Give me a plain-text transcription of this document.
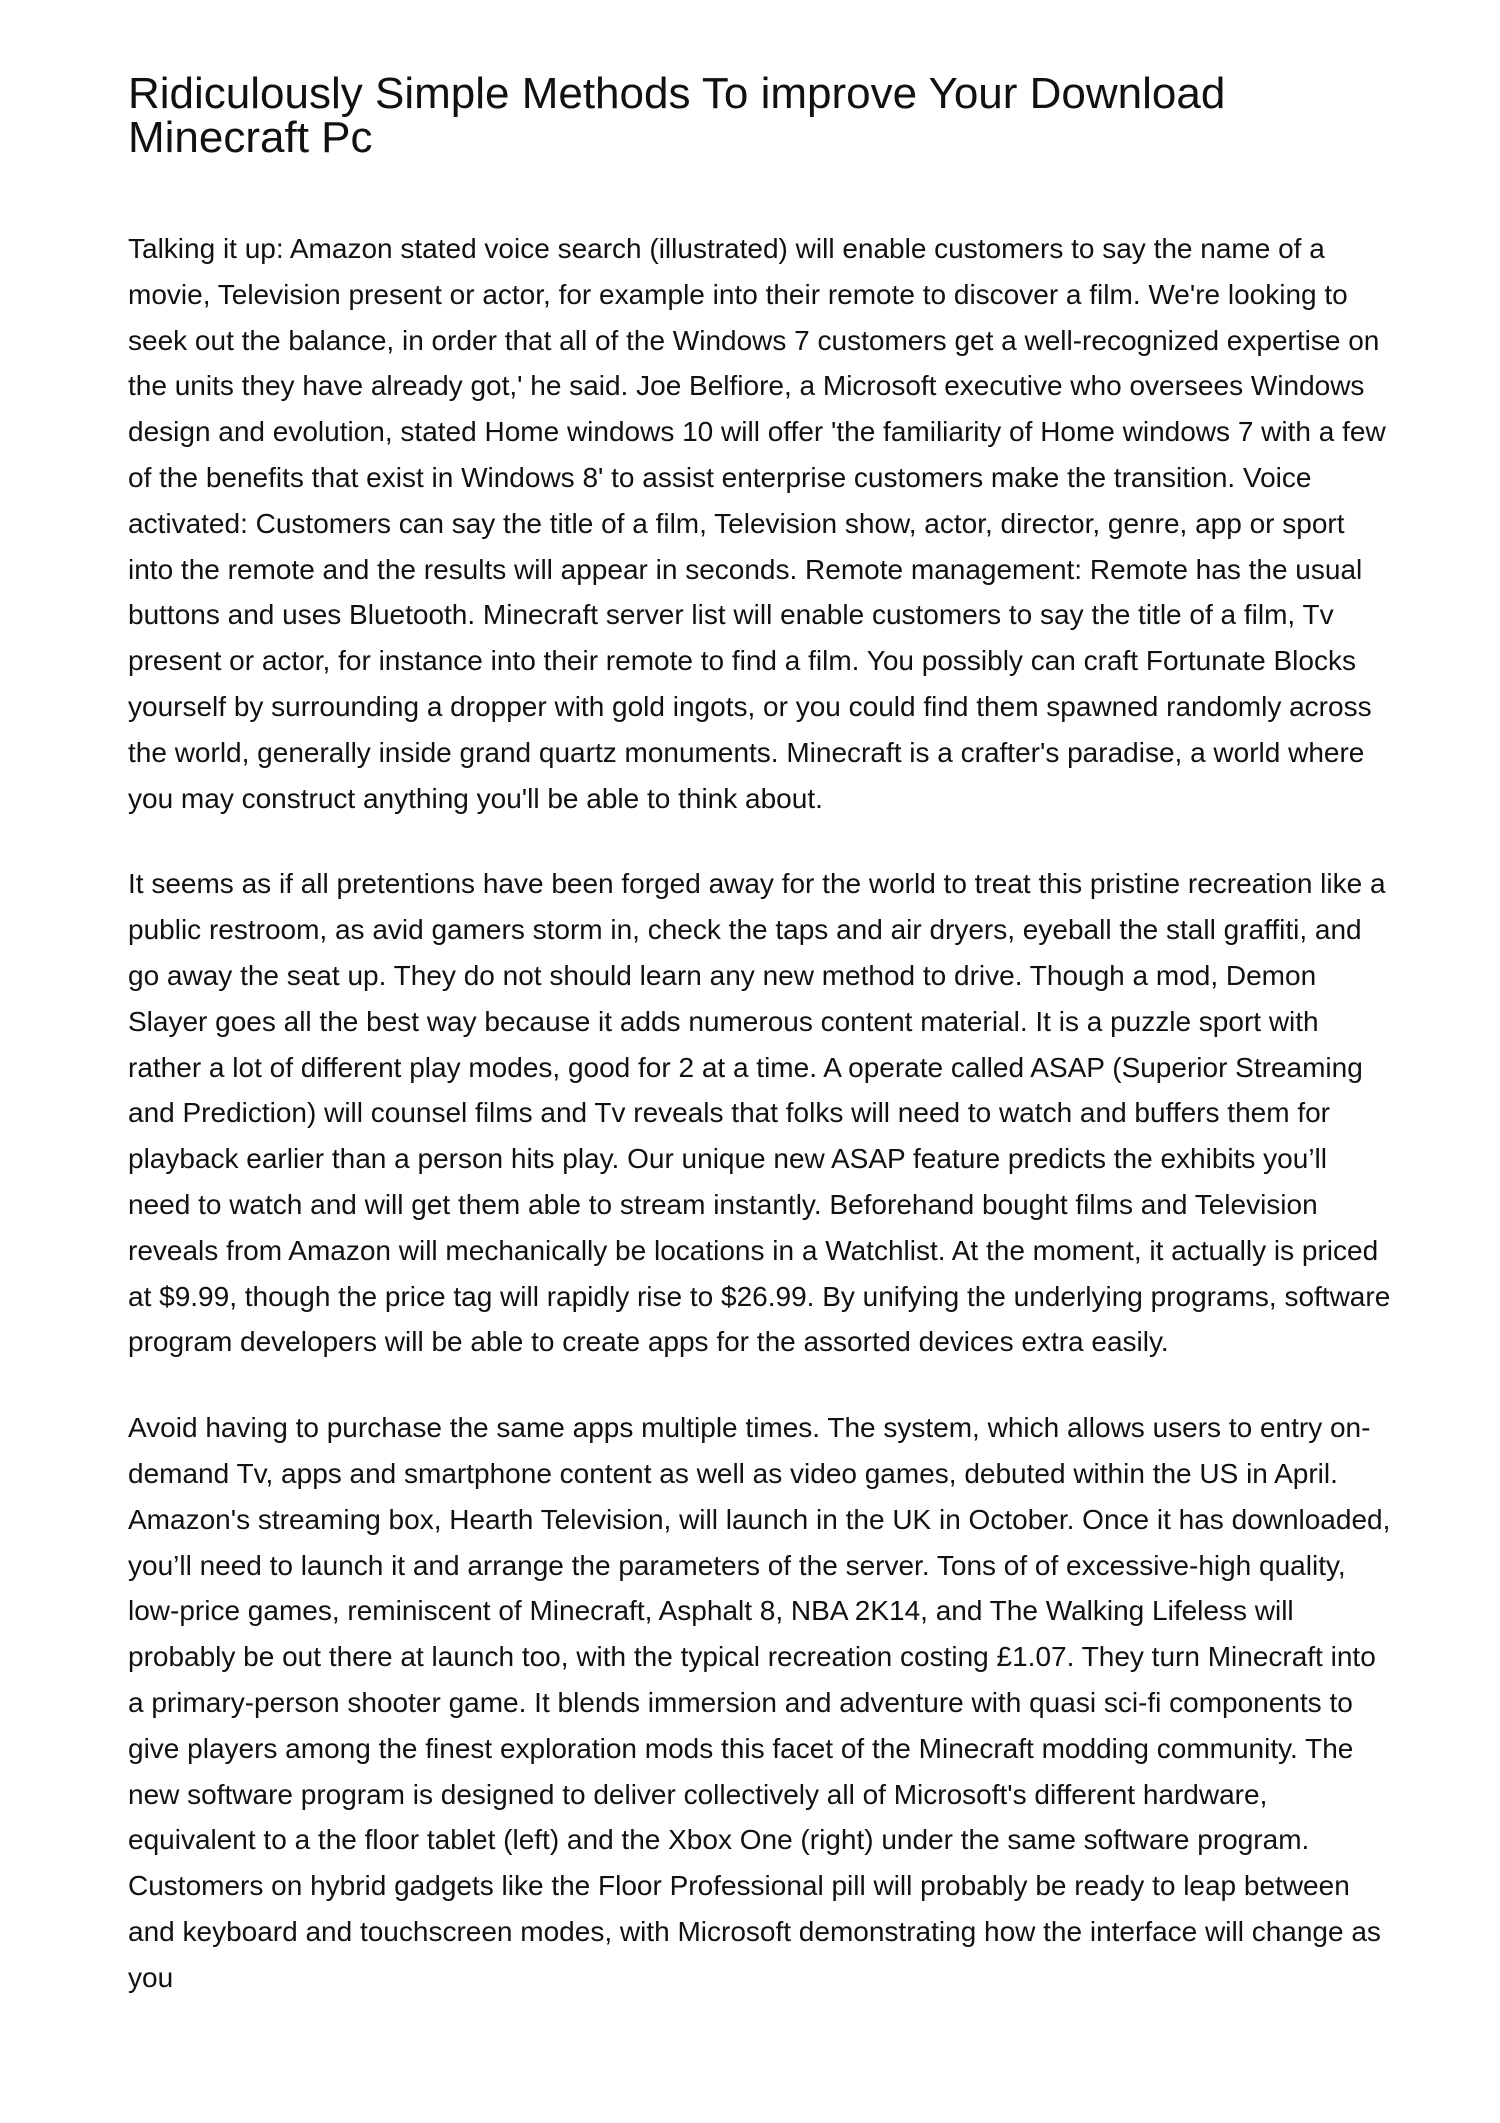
Ridiculously Simple Methods To improve Your Download Minecraft Pc

Talking it up: Amazon stated voice search (illustrated) will enable customers to say the name of a movie, Television present or actor, for example into their remote to discover a film. We're looking to seek out the balance, in order that all of the Windows 7 customers get a well-recognized expertise on the units they have already got,' he said. Joe Belfiore, a Microsoft executive who oversees Windows design and evolution, stated Home windows 10 will offer 'the familiarity of Home windows 7 with a few of the benefits that exist in Windows 8' to assist enterprise customers make the transition. Voice activated: Customers can say the title of a film, Television show, actor, director, genre, app or sport into the remote and the results will appear in seconds. Remote management: Remote has the usual buttons and uses Bluetooth. Minecraft server list will enable customers to say the title of a film, Tv present or actor, for instance into their remote to find a film. You possibly can craft Fortunate Blocks yourself by surrounding a dropper with gold ingots, or you could find them spawned randomly across the world, generally inside grand quartz monuments. Minecraft is a crafter's paradise, a world where you may construct anything you'll be able to think about.

It seems as if all pretentions have been forged away for the world to treat this pristine recreation like a public restroom, as avid gamers storm in, check the taps and air dryers, eyeball the stall graffiti, and go away the seat up. They do not should learn any new method to drive. Though a mod, Demon Slayer goes all the best way because it adds numerous content material. It is a puzzle sport with rather a lot of different play modes, good for 2 at a time. A operate called ASAP (Superior Streaming and Prediction) will counsel films and Tv reveals that folks will need to watch and buffers them for playback earlier than a person hits play. Our unique new ASAP feature predicts the exhibits you’ll need to watch and will get them able to stream instantly. Beforehand bought films and Television reveals from Amazon will mechanically be locations in a Watchlist. At the moment, it actually is priced at $9.99, though the price tag will rapidly rise to $26.99. By unifying the underlying programs, software program developers will be able to create apps for the assorted devices extra easily.

Avoid having to purchase the same apps multiple times. The system, which allows users to entry on-demand Tv, apps and smartphone content as well as video games, debuted within the US in April. Amazon's streaming box, Hearth Television, will launch in the UK in October. Once it has downloaded, you’ll need to launch it and arrange the parameters of the server. Tons of of excessive-high quality, low-price games, reminiscent of Minecraft, Asphalt 8, NBA 2K14, and The Walking Lifeless will probably be out there at launch too, with the typical recreation costing £1.07. They turn Minecraft into a primary-person shooter game. It blends immersion and adventure with quasi sci-fi components to give players among the finest exploration mods this facet of the Minecraft modding community. The new software program is designed to deliver collectively all of Microsoft's different hardware, equivalent to a the floor tablet (left) and the Xbox One (right) under the same software program. Customers on hybrid gadgets like the Floor Professional pill will probably be ready to leap between and keyboard and touchscreen modes, with Microsoft demonstrating how the interface will change as you
